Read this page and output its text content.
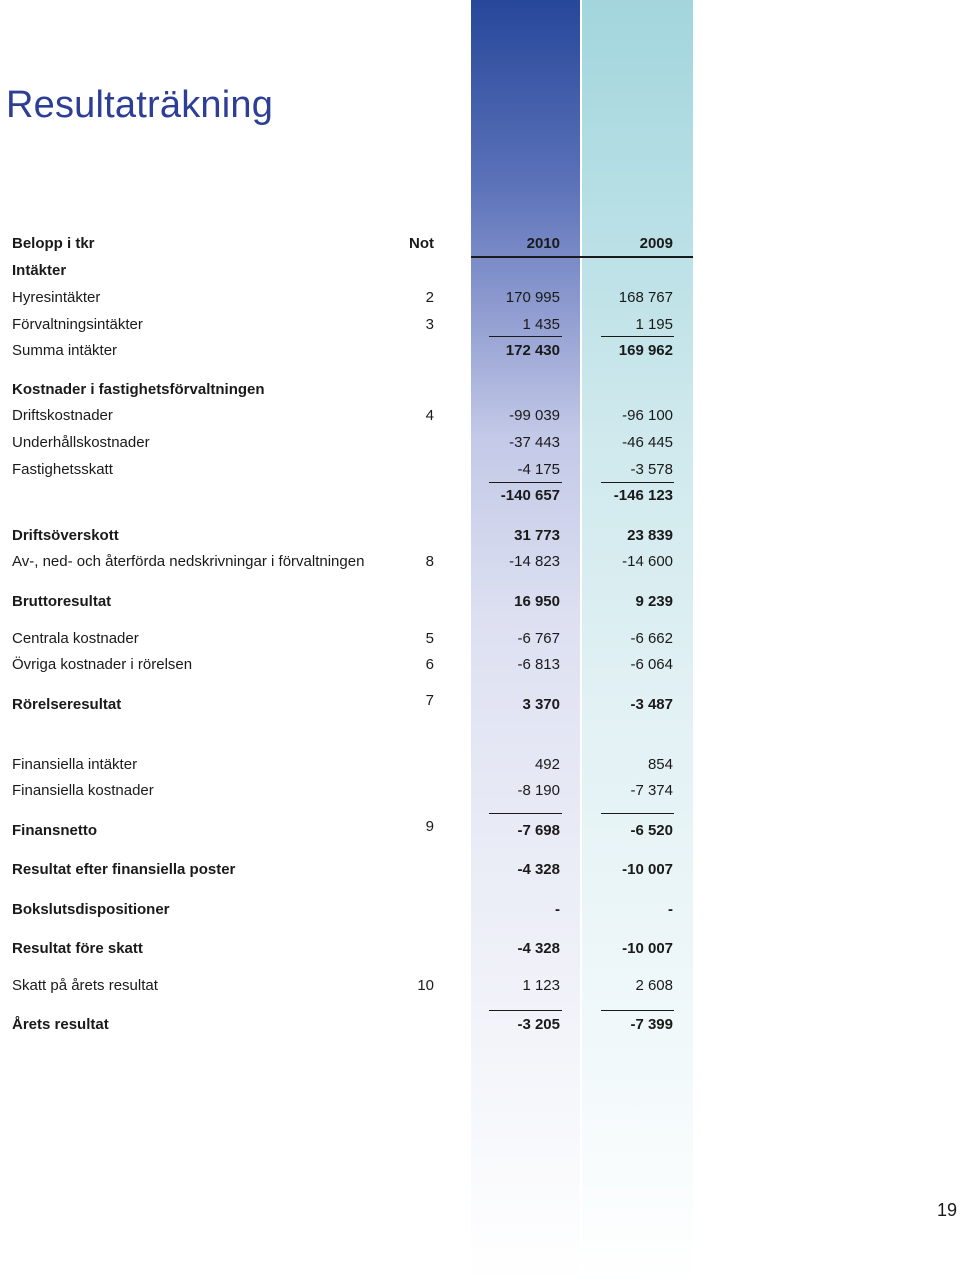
Resultaträkning
Belopp i tkr	Not	2010	2009
Intäkter
Hyresintäkter	2	170 995	168 767
Förvaltningsintäkter	3	1 435	1 195
Summa intäkter	172 430	169 962
Kostnader i fastighetsförvaltningen
Driftskostnader	4	-99 039	-96 100
Underhållskostnader	-37 443	-46 445
Fastighetsskatt	-4 175	-3 578
-140 657	-146 123
Driftsöverskott	31 773	23 839
Av-, ned- och återförda nedskrivningar i förvaltningen	8	-14 823	-14 600
Bruttoresultat	16 950	9 239
Centrala kostnader	5	-6 767	-6 662
Övriga kostnader i rörelsen	6	-6 813	-6 064
Rörelseresultat	7	3 370	-3 487
Finansiella intäkter	492	854
Finansiella kostnader	-8 190	-7 374
Finansnetto	9	-7 698	-6 520
Resultat efter finansiella poster	-4 328	-10 007
Bokslutsdispositioner	-	-
Resultat före skatt	-4 328	-10 007
Skatt på årets resultat	10	1 123	2 608
Årets resultat	-3 205	-7 399
19
